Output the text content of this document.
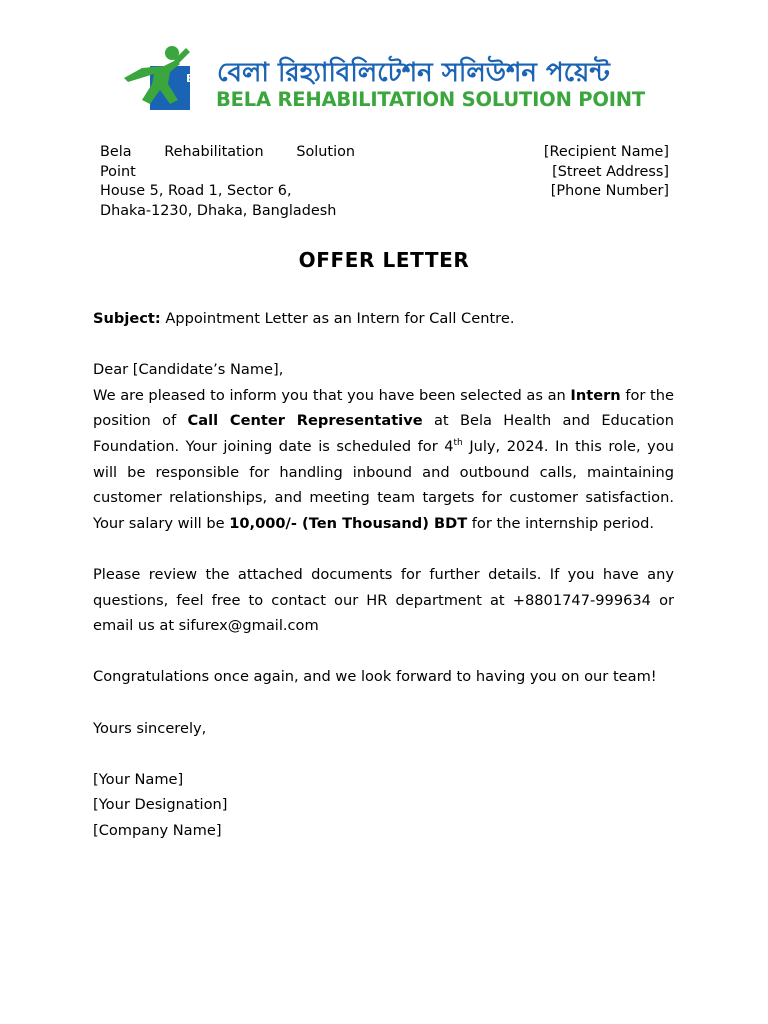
BRSP
বেলা রিহ্যাবিলিটেশন সলিউশন পয়েন্ট
BELA REHABILITATION SOLUTION POINT
Bela Rehabilitation Solution
Point
House 5, Road 1, Sector 6,
Dhaka-1230, Dhaka, Bangladesh
[Recipient Name]
[Street Address]
[Phone Number]
OFFER LETTER

Subject: Appointment Letter as an Intern for Call Centre.

Dear [Candidate’s Name],

We are pleased to inform you that you have been selected as an Intern for the position of Call Center Representative at Bela Health and Education Foundation. Your joining date is scheduled for 4th July, 2024. In this role, you will be responsible for handling inbound and outbound calls, maintaining customer relationships, and meeting team targets for customer satisfaction. Your salary will be 10,000/- (Ten Thousand) BDT for the internship period.

Please review the attached documents for further details. If you have any questions, feel free to contact our HR department at +8801747-999634 or email us at sifurex@gmail.com

Congratulations once again, and we look forward to having you on our team!

Yours sincerely,

[Your Name]

[Your Designation]

[Company Name]
